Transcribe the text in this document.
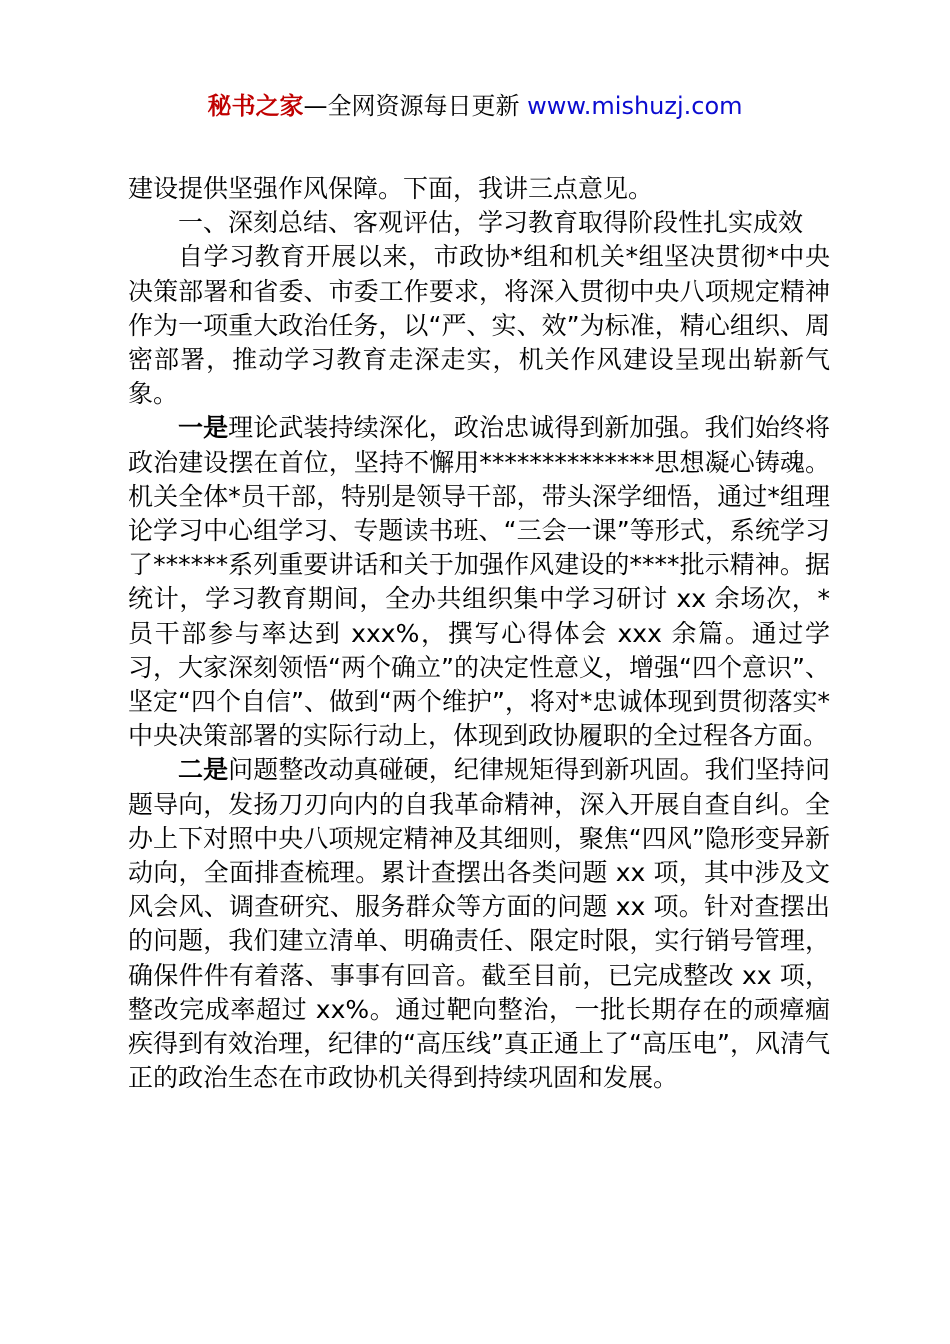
秘书之家—全网资源每日更新 www.mishuzj.com

建设提供坚强作风保障。下面，我讲三点意见。

一、深刻总结、客观评估，学习教育取得阶段性扎实成效

自学习教育开展以来，市政协*组和机关*组坚决贯彻*中央决策部署和省委、市委工作要求，将深入贯彻中央八项规定精神作为一项重大政治任务，以“严、实、效”为标准，精心组织、周密部署，推动学习教育走深走实，机关作风建设呈现出崭新气象。

一是理论武装持续深化，政治忠诚得到新加强。我们始终将政治建设摆在首位，坚持不懈用**************思想凝心铸魂。机关全体*员干部，特别是领导干部，带头深学细悟，通过*组理论学习中心组学习、专题读书班、“三会一课”等形式，系统学习了******系列重要讲话和关于加强作风建设的****批示精神。据统计，学习教育期间，全办共组织集中学习研讨 xx 余场次，*员干部参与率达到 xxx%，撰写心得体会 xxx 余篇。通过学习，大家深刻领悟“两个确立”的决定性意义，增强“四个意识”、坚定“四个自信”、做到“两个维护”，将对*忠诚体现到贯彻落实*中央决策部署的实际行动上，体现到政协履职的全过程各方面。

二是问题整改动真碰硬，纪律规矩得到新巩固。我们坚持问题导向，发扬刀刃向内的自我革命精神，深入开展自查自纠。全办上下对照中央八项规定精神及其细则，聚焦“四风”隐形变异新动向，全面排查梳理。累计查摆出各类问题 xx 项，其中涉及文风会风、调查研究、服务群众等方面的问题 xx 项。针对查摆出的问题，我们建立清单、明确责任、限定时限，实行销号管理，确保件件有着落、事事有回音。截至目前，已完成整改 xx 项，整改完成率超过 xx%。通过靶向整治，一批长期存在的顽瘴痼疾得到有效治理，纪律的“高压线”真正通上了“高压电”，风清气正的政治生态在市政协机关得到持续巩固和发展。
